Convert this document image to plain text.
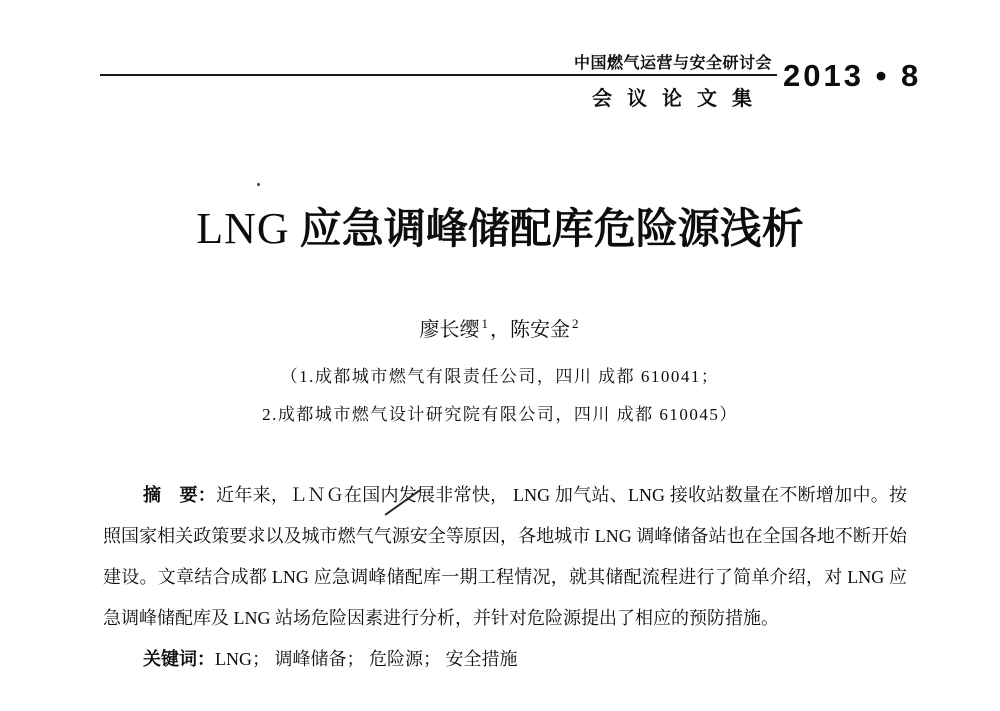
中国燃气运营与安全研讨会
会议论文集
2013 • 8
LNG 应急调峰储配库危险源浅析
廖长缨 $^1$ ，陈安金 $^2$
（1.成都城市燃气有限责任公司，四川 成都 610041；
2.成都城市燃气设计研究院有限公司，四川 成都 610045）
摘　要：近年来，ＬＮＧ在国内发展非常快， LNG 加气站、LNG 接收站数量在不断增加中。按
照国家相关政策要求以及城市燃气气源安全等原因，各地城市 LNG 调峰储备站也在全国各地不断开始
建设。文章结合成都 LNG 应急调峰储配库一期工程情况，就其储配流程进行了简单介绍，对 LNG 应
急调峰储配库及 LNG 站场危险因素进行分析，并针对危险源提出了相应的预防措施。
关键词：LNG； 调峰储备； 危险源； 安全措施
